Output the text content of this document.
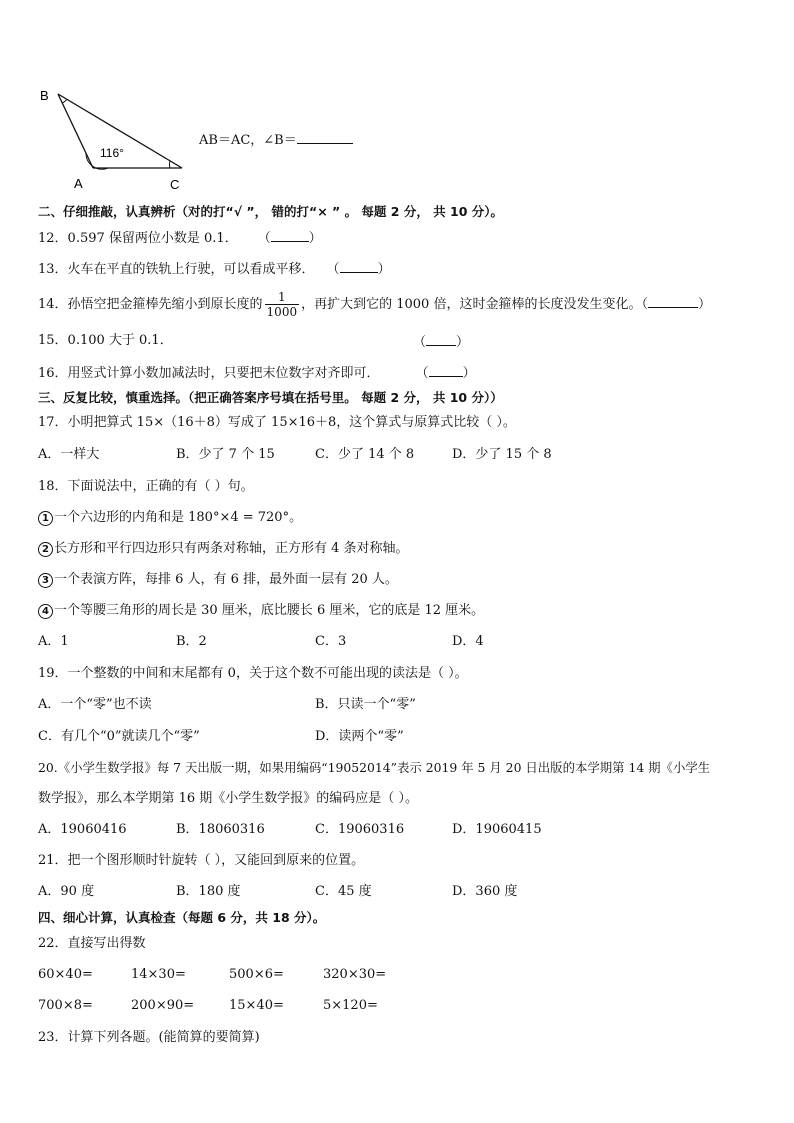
B
A	C
116°
AB＝AC，∠B＝
二、仔细推敲，认真辨析（对的打“√ ”， 错的打“× ” 。 每题 2 分， 共 10 分）。
12．0.597 保留两位小数是 0.1． （	）
13．火车在平直的铁轨上行驶，可以看成平移． （	）
14．孙悟空把金箍棒先缩小到原长度的 $\frac{1}{1000}$ ，再扩大到它的 1000 倍，这时金箍棒的长度没发生变化。（	）
15．0.100 大于 0.1．	（ ）
16．用竖式计算小数加减法时，只要把末位数字对齐即可．	（	）
三、反复比较，慎重选择。（把正确答案序号填在括号里。 每题 2 分， 共 10 分））
17．小明把算式 15×（16＋8）写成了 15×16＋8，这个算式与原算式比较（ ）。
A．一样大	B．少了 7 个 15	C．少了 14 个 8	D．少了 15 个 8
18．下面说法中，正确的有（ ）句。
1 一个六边形的内角和是 180°×4 = 720°。
2 长方形和平行四边形只有两条对称轴，正方形有 4 条对称轴。
3 一个表演方阵，每排 6 人，有 6 排，最外面一层有 20 人。
4 一个等腰三角形的周长是 30 厘米，底比腰长 6 厘米，它的底是 12 厘米。
A．1	B．2	C．3	D．4
19．一个整数的中间和末尾都有 0，关于这个数不可能出现的读法是（ ）。
A．一个“零”也不读	B．只读一个“零”
C．有几个“0”就读几个“零”	D．读两个“零”
20.《小学生数学报》每 7 天出版一期，如果用编码“19052014”表示 2019 年 5 月 20 日出版的本学期第 14 期《小学生
数学报》，那么本学期第 16 期《小学生数学报》的编码应是（ ）。
A．19060416	B．18060316	C．19060316	D．19060415
21．把一个图形顺时针旋转（ ），又能回到原来的位置。
A．90 度	B．180 度	C．45 度	D．360 度
四、细心计算，认真检查（每题 6 分，共 18 分）。
22．直接写出得数
60×40=	14×30=	500×6=	320×30=
700×8=	200×90=	15×40=	5×120=
23．计算下列各题。(能简算的要简算)
